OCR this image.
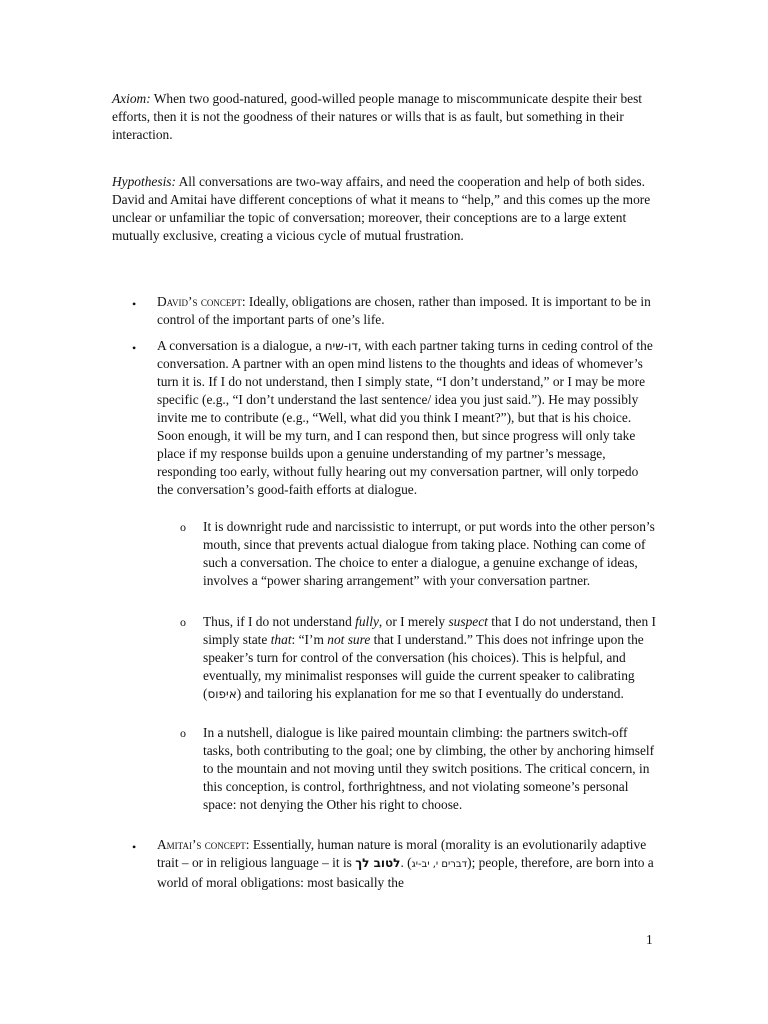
Axiom: When two good-natured, good-willed people manage to miscommunicate despite their best efforts, then it is not the goodness of their natures or wills that is as fault, but something in their interaction.

Hypothesis: All conversations are two-way affairs, and need the cooperation and help of both sides. David and Amitai have different conceptions of what it means to “help,” and this comes up the more unclear or unfamiliar the topic of conversation; moreover, their conceptions are to a large extent mutually exclusive, creating a vicious cycle of mutual frustration.

• David’s concept: Ideally, obligations are chosen, rather than imposed. It is important to be in control of the important parts of one’s life.

• A conversation is a dialogue, a דו-שיח, with each partner taking turns in ceding control of the conversation. A partner with an open mind listens to the thoughts and ideas of whomever’s turn it is. If I do not understand, then I simply state, “I don’t understand,” or I may be more specific (e.g., “I don’t understand the last sentence/ idea you just said.”). He may possibly invite me to contribute (e.g., “Well, what did you think I meant?”), but that is his choice. Soon enough, it will be my turn, and I can respond then, but since progress will only take place if my response builds upon a genuine understanding of my partner’s message, responding too early, without fully hearing out my conversation partner, will only torpedo the conversation’s good-faith efforts at dialogue.

o It is downright rude and narcissistic to interrupt, or put words into the other person’s mouth, since that prevents actual dialogue from taking place. Nothing can come of such a conversation. The choice to enter a dialogue, a genuine exchange of ideas, involves a “power sharing arrangement” with your conversation partner.

o Thus, if I do not understand fully, or I merely suspect that I do not understand, then I simply state that: “I’m not sure that I understand.” This does not infringe upon the speaker’s turn for control of the conversation (his choices). This is helpful, and eventually, my minimalist responses will guide the current speaker to calibrating (איפוס) and tailoring his explanation for me so that I eventually do understand.

o In a nutshell, dialogue is like paired mountain climbing: the partners switch-off tasks, both contributing to the goal; one by climbing, the other by anchoring himself to the mountain and not moving until they switch positions. The critical concern, in this conception, is control, forthrightness, and not violating someone’s personal space: not denying the Other his right to choose.

• Amitai’s concept: Essentially, human nature is moral (morality is an evolutionarily adaptive trait – or in religious language – it is לטוב לך. (דברים י, יב-יג); people, therefore, are born into a world of moral obligations: most basically the

1
